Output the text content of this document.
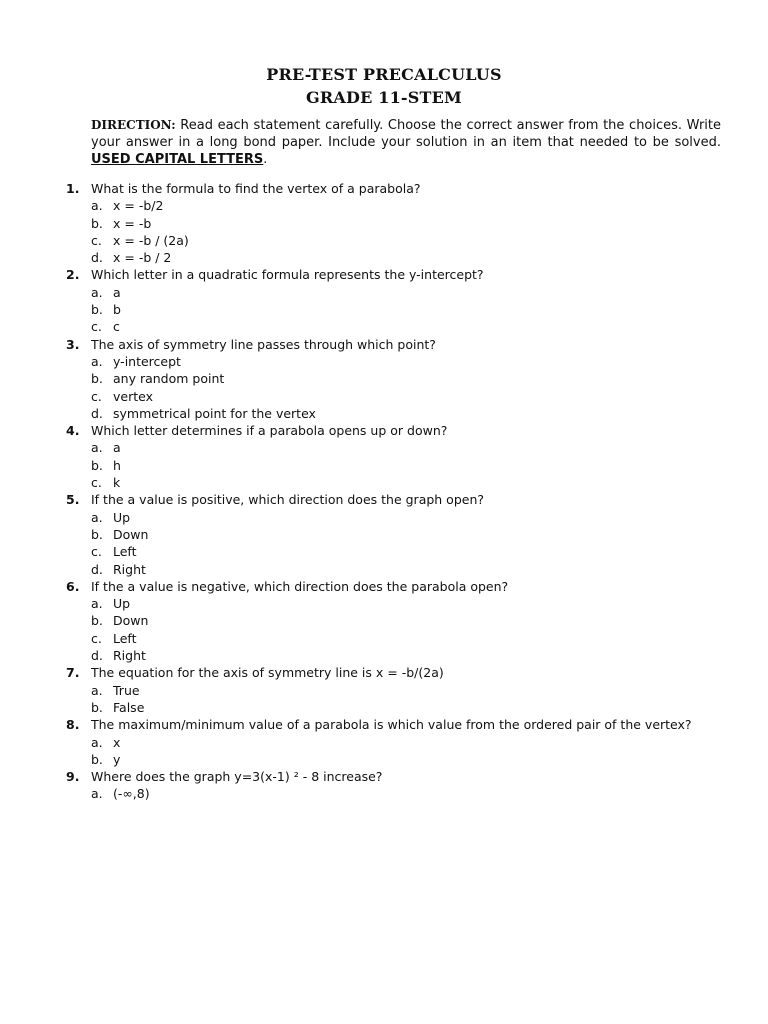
PRE-TEST PRECALCULUS
GRADE 11-STEM
DIRECTION: Read each statement carefully. Choose the correct answer from the choices. Write your answer in a long bond paper. Include your solution in an item that needed to be solved. USED CAPITAL LETTERS.
1. What is the formula to find the vertex of a parabola?
a. x = -b/2
b. x = -b
c. x = -b / (2a)
d. x = -b / 2
2. Which letter in a quadratic formula represents the y-intercept?
a. a
b. b
c. c
3. The axis of symmetry line passes through which point?
a. y-intercept
b. any random point
c. vertex
d. symmetrical point for the vertex
4. Which letter determines if a parabola opens up or down?
a. a
b. h
c. k
5. If the a value is positive, which direction does the graph open?
a. Up
b. Down
c. Left
d. Right
6. If the a value is negative, which direction does the parabola open?
a. Up
b. Down
c. Left
d. Right
7. The equation for the axis of symmetry line is x = -b/(2a)
a. True
b. False
8. The maximum/minimum value of a parabola is which value from the ordered pair of the vertex?
a. x
b. y
9. Where does the graph y=3(x-1) ² - 8 increase?
a. (-∞,8)
